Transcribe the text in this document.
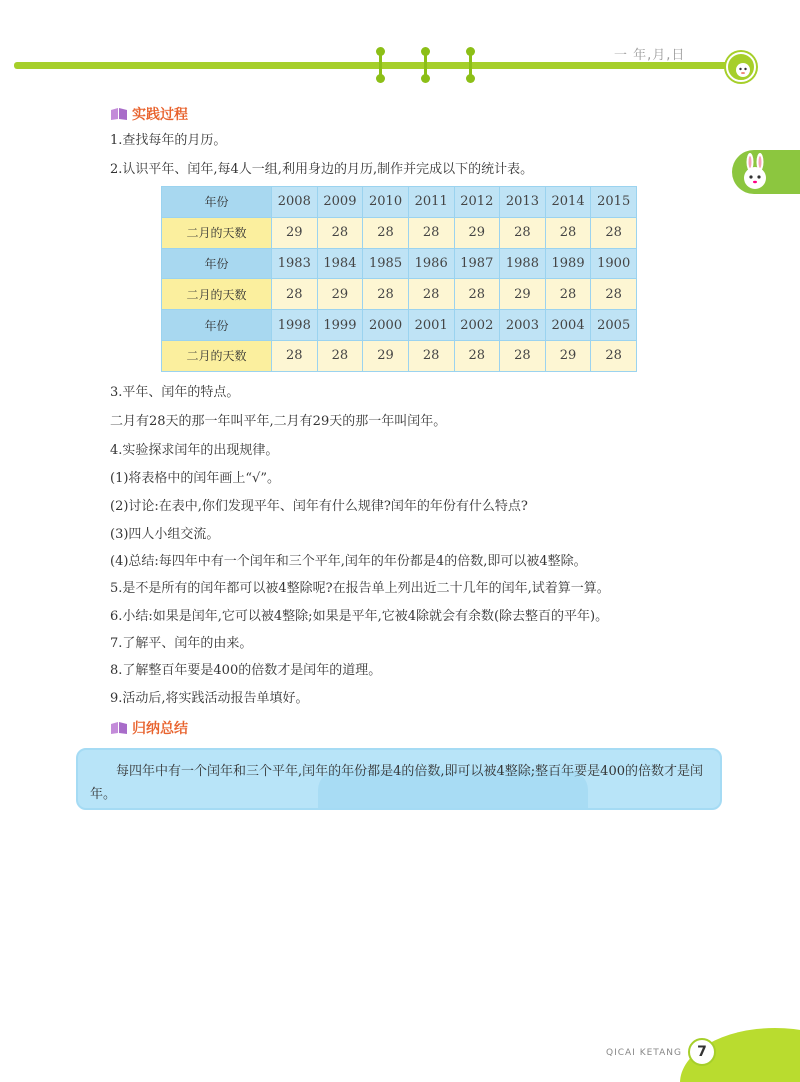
一 年,月,日
实践过程
1.查找每年的月历。
2.认识平年、闰年,每4人一组,利用身边的月历,制作并完成以下的统计表。
年份	2008	2009	2010	2011	2012	2013	2014	2015
二月的天数	29	28	28	28	29	28	28	28
年份	1983	1984	1985	1986	1987	1988	1989	1900
二月的天数	28	29	28	28	28	29	28	28
年份	1998	1999	2000	2001	2002	2003	2004	2005
二月的天数	28	28	29	28	28	28	29	28
3.平年、闰年的特点。
二月有28天的那一年叫平年,二月有29天的那一年叫闰年。
4.实验探求闰年的出现规律。
(1)将表格中的闰年画上“√”。
(2)讨论:在表中,你们发现平年、闰年有什么规律?闰年的年份有什么特点?
(3)四人小组交流。
(4)总结:每四年中有一个闰年和三个平年,闰年的年份都是4的倍数,即可以被4整除。
5.是不是所有的闰年都可以被4整除呢?在报告单上列出近二十几年的闰年,试着算一算。
6.小结:如果是闰年,它可以被4整除;如果是平年,它被4除就会有余数(除去整百的平年)。
7.了解平、闰年的由来。
8.了解整百年要是400的倍数才是闰年的道理。
9.活动后,将实践活动报告单填好。
归纳总结

每四年中有一个闰年和三个平年,闰年的年份都是4的倍数,即可以被4整除;整百年要是400的倍数才是闰年。

QICAI KETANG	7
